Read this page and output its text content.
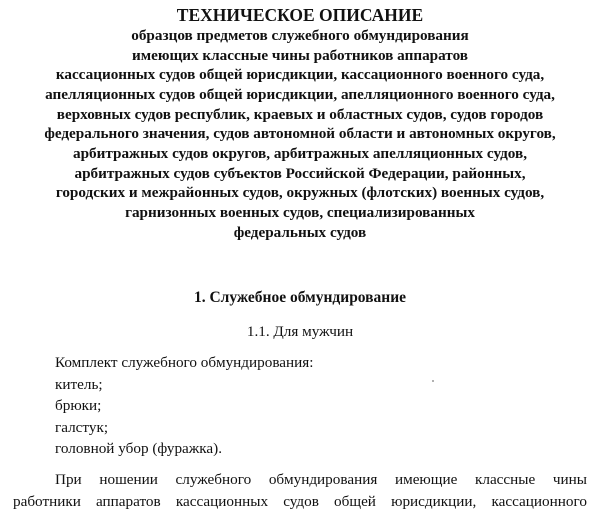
ТЕХНИЧЕСКОЕ ОПИСАНИЕ
образцов предметов служебного обмундирования
имеющих классные чины работников аппаратов
кассационных судов общей юрисдикции, кассационного военного суда,
апелляционных судов общей юрисдикции, апелляционного военного суда,
верховных судов республик, краевых и областных судов, судов городов
федерального значения, судов автономной области и автономных округов,
арбитражных судов округов, арбитражных апелляционных судов,
арбитражных судов субъектов Российской Федерации, районных,
городских и межрайонных судов, окружных (флотских) военных судов,
гарнизонных военных судов, специализированных
федеральных судов
1. Служебное обмундирование
1.1. Для мужчин
Комплект служебного обмундирования:
китель;
брюки;
галстук;
головной убор (фуражка).
При ношении служебного обмундирования имеющие классные чины
работники аппаратов кассационных судов общей юрисдикции, кассационного
